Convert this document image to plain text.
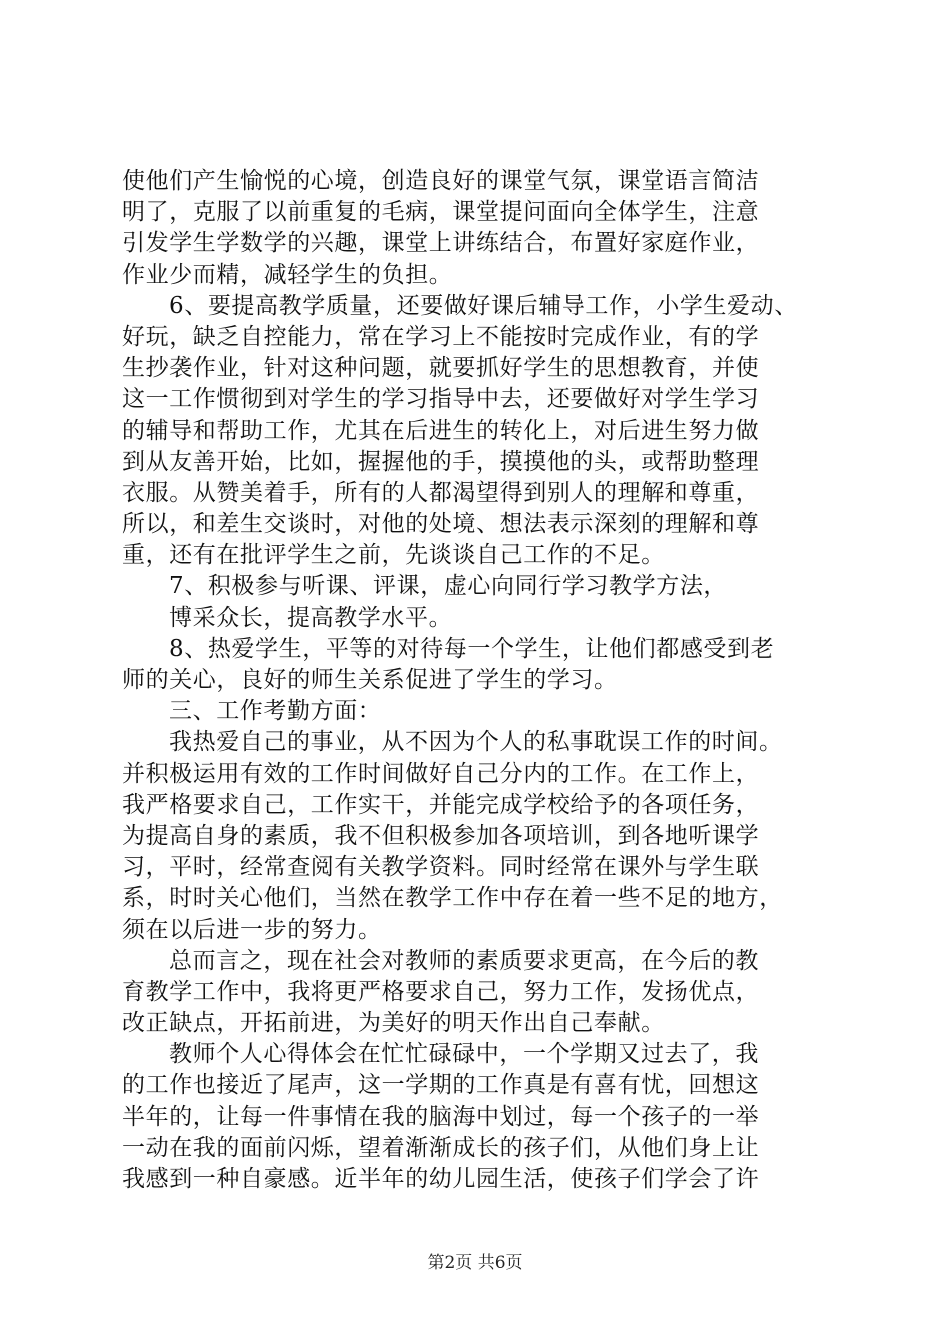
使他们产生愉悦的心境，创造良好的课堂气氛，课堂语言简洁
明了，克服了以前重复的毛病，课堂提问面向全体学生，注意
引发学生学数学的兴趣，课堂上讲练结合，布置好家庭作业，
作业少而精，减轻学生的负担。
6、要提高教学质量，还要做好课后辅导工作，小学生爱动、
好玩，缺乏自控能力，常在学习上不能按时完成作业，有的学
生抄袭作业，针对这种问题，就要抓好学生的思想教育，并使
这一工作惯彻到对学生的学习指导中去，还要做好对学生学习
的辅导和帮助工作，尤其在后进生的转化上，对后进生努力做
到从友善开始，比如，握握他的手，摸摸他的头，或帮助整理
衣服。从赞美着手，所有的人都渴望得到别人的理解和尊重，
所以，和差生交谈时，对他的处境、想法表示深刻的理解和尊
重，还有在批评学生之前，先谈谈自己工作的不足。
7、积极参与听课、评课，虚心向同行学习教学方法，
博采众长，提高教学水平。
8、热爱学生，平等的对待每一个学生，让他们都感受到老
师的关心，良好的师生关系促进了学生的学习。
三、工作考勤方面：
我热爱自己的事业，从不因为个人的私事耽误工作的时间。
并积极运用有效的工作时间做好自己分内的工作。在工作上，
我严格要求自己，工作实干，并能完成学校给予的各项任务，
为提高自身的素质，我不但积极参加各项培训，到各地听课学
习，平时，经常查阅有关教学资料。同时经常在课外与学生联
系，时时关心他们，当然在教学工作中存在着一些不足的地方，
须在以后进一步的努力。
总而言之，现在社会对教师的素质要求更高，在今后的教
育教学工作中，我将更严格要求自己，努力工作，发扬优点，
改正缺点，开拓前进，为美好的明天作出自己奉献。
教师个人心得体会在忙忙碌碌中，一个学期又过去了，我
的工作也接近了尾声，这一学期的工作真是有喜有忧，回想这
半年的，让每一件事情在我的脑海中划过，每一个孩子的一举
一动在我的面前闪烁，望着渐渐成长的孩子们，从他们身上让
我感到一种自豪感。近半年的幼儿园生活，使孩子们学会了许
第2页 共6页
